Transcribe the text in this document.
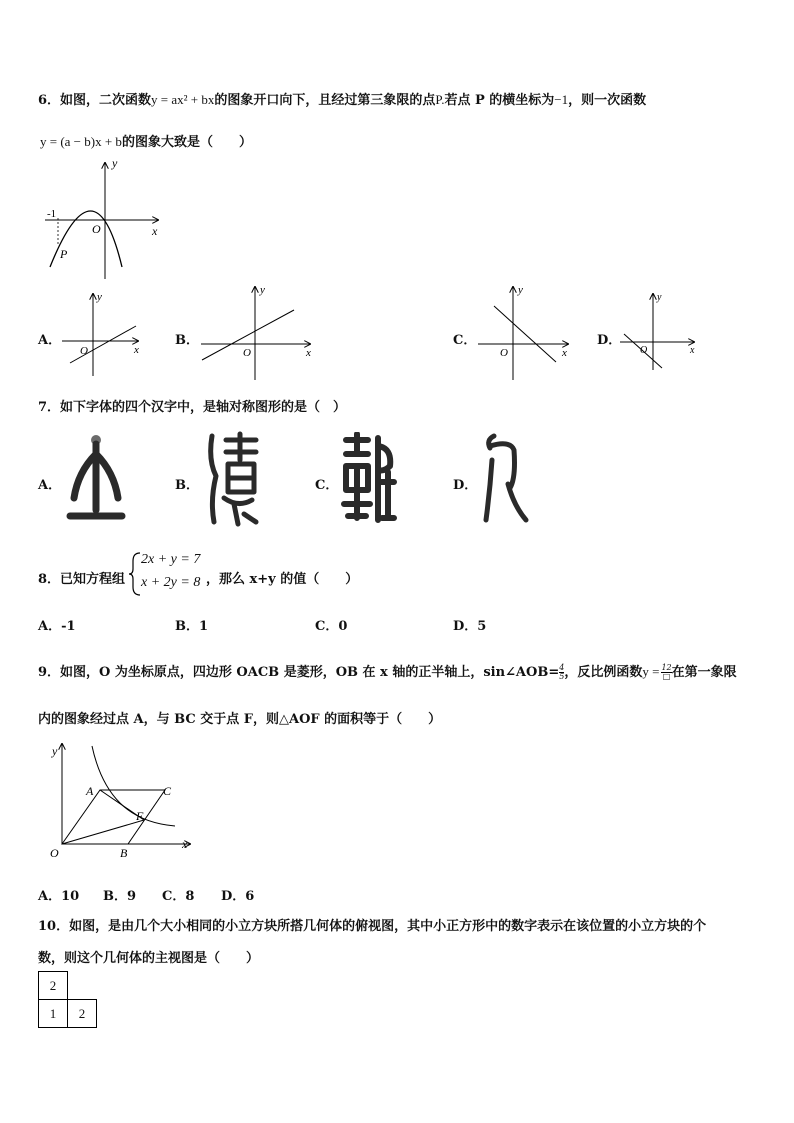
6．如图，二次函数y = ax² + bx的图象开口向下，且经过第三象限的点P.若点 P 的横坐标为−1，则一次函数
y = (a − b)x + b的图象大致是（　　）
-1
P
O
y
x
A．
O
y
x
B．
O
y
x
C．
O
y
x
D．
O
y
x
7．如下字体的四个汉字中，是轴对称图形的是（　）
A．	B．	C．	D．
8．已知方程组
2x + y = 7
x + 2y = 8 ，那么 x+y 的值（　　）
A．-1	B．1	C．0	D．5
9．如图，O 为坐标原点，四边形 OACB 是菱形，OB 在 x 轴的正半轴上，sin∠AOB= $\frac{4}{5}$ ，反比例函数y = 12
□ 在第一象限
内的图象经过点 A，与 BC 交于点 F，则△AOF 的面积等于（　　）
y
x
O
A	C
F
B
A．10 B．9 C．8 D．6
10．如图，是由几个大小相同的小立方块所搭几何体的俯视图，其中小正方形中的数字表示在该位置的小立方块的个
数，则这个几何体的主视图是（　　）
2	
1	2
